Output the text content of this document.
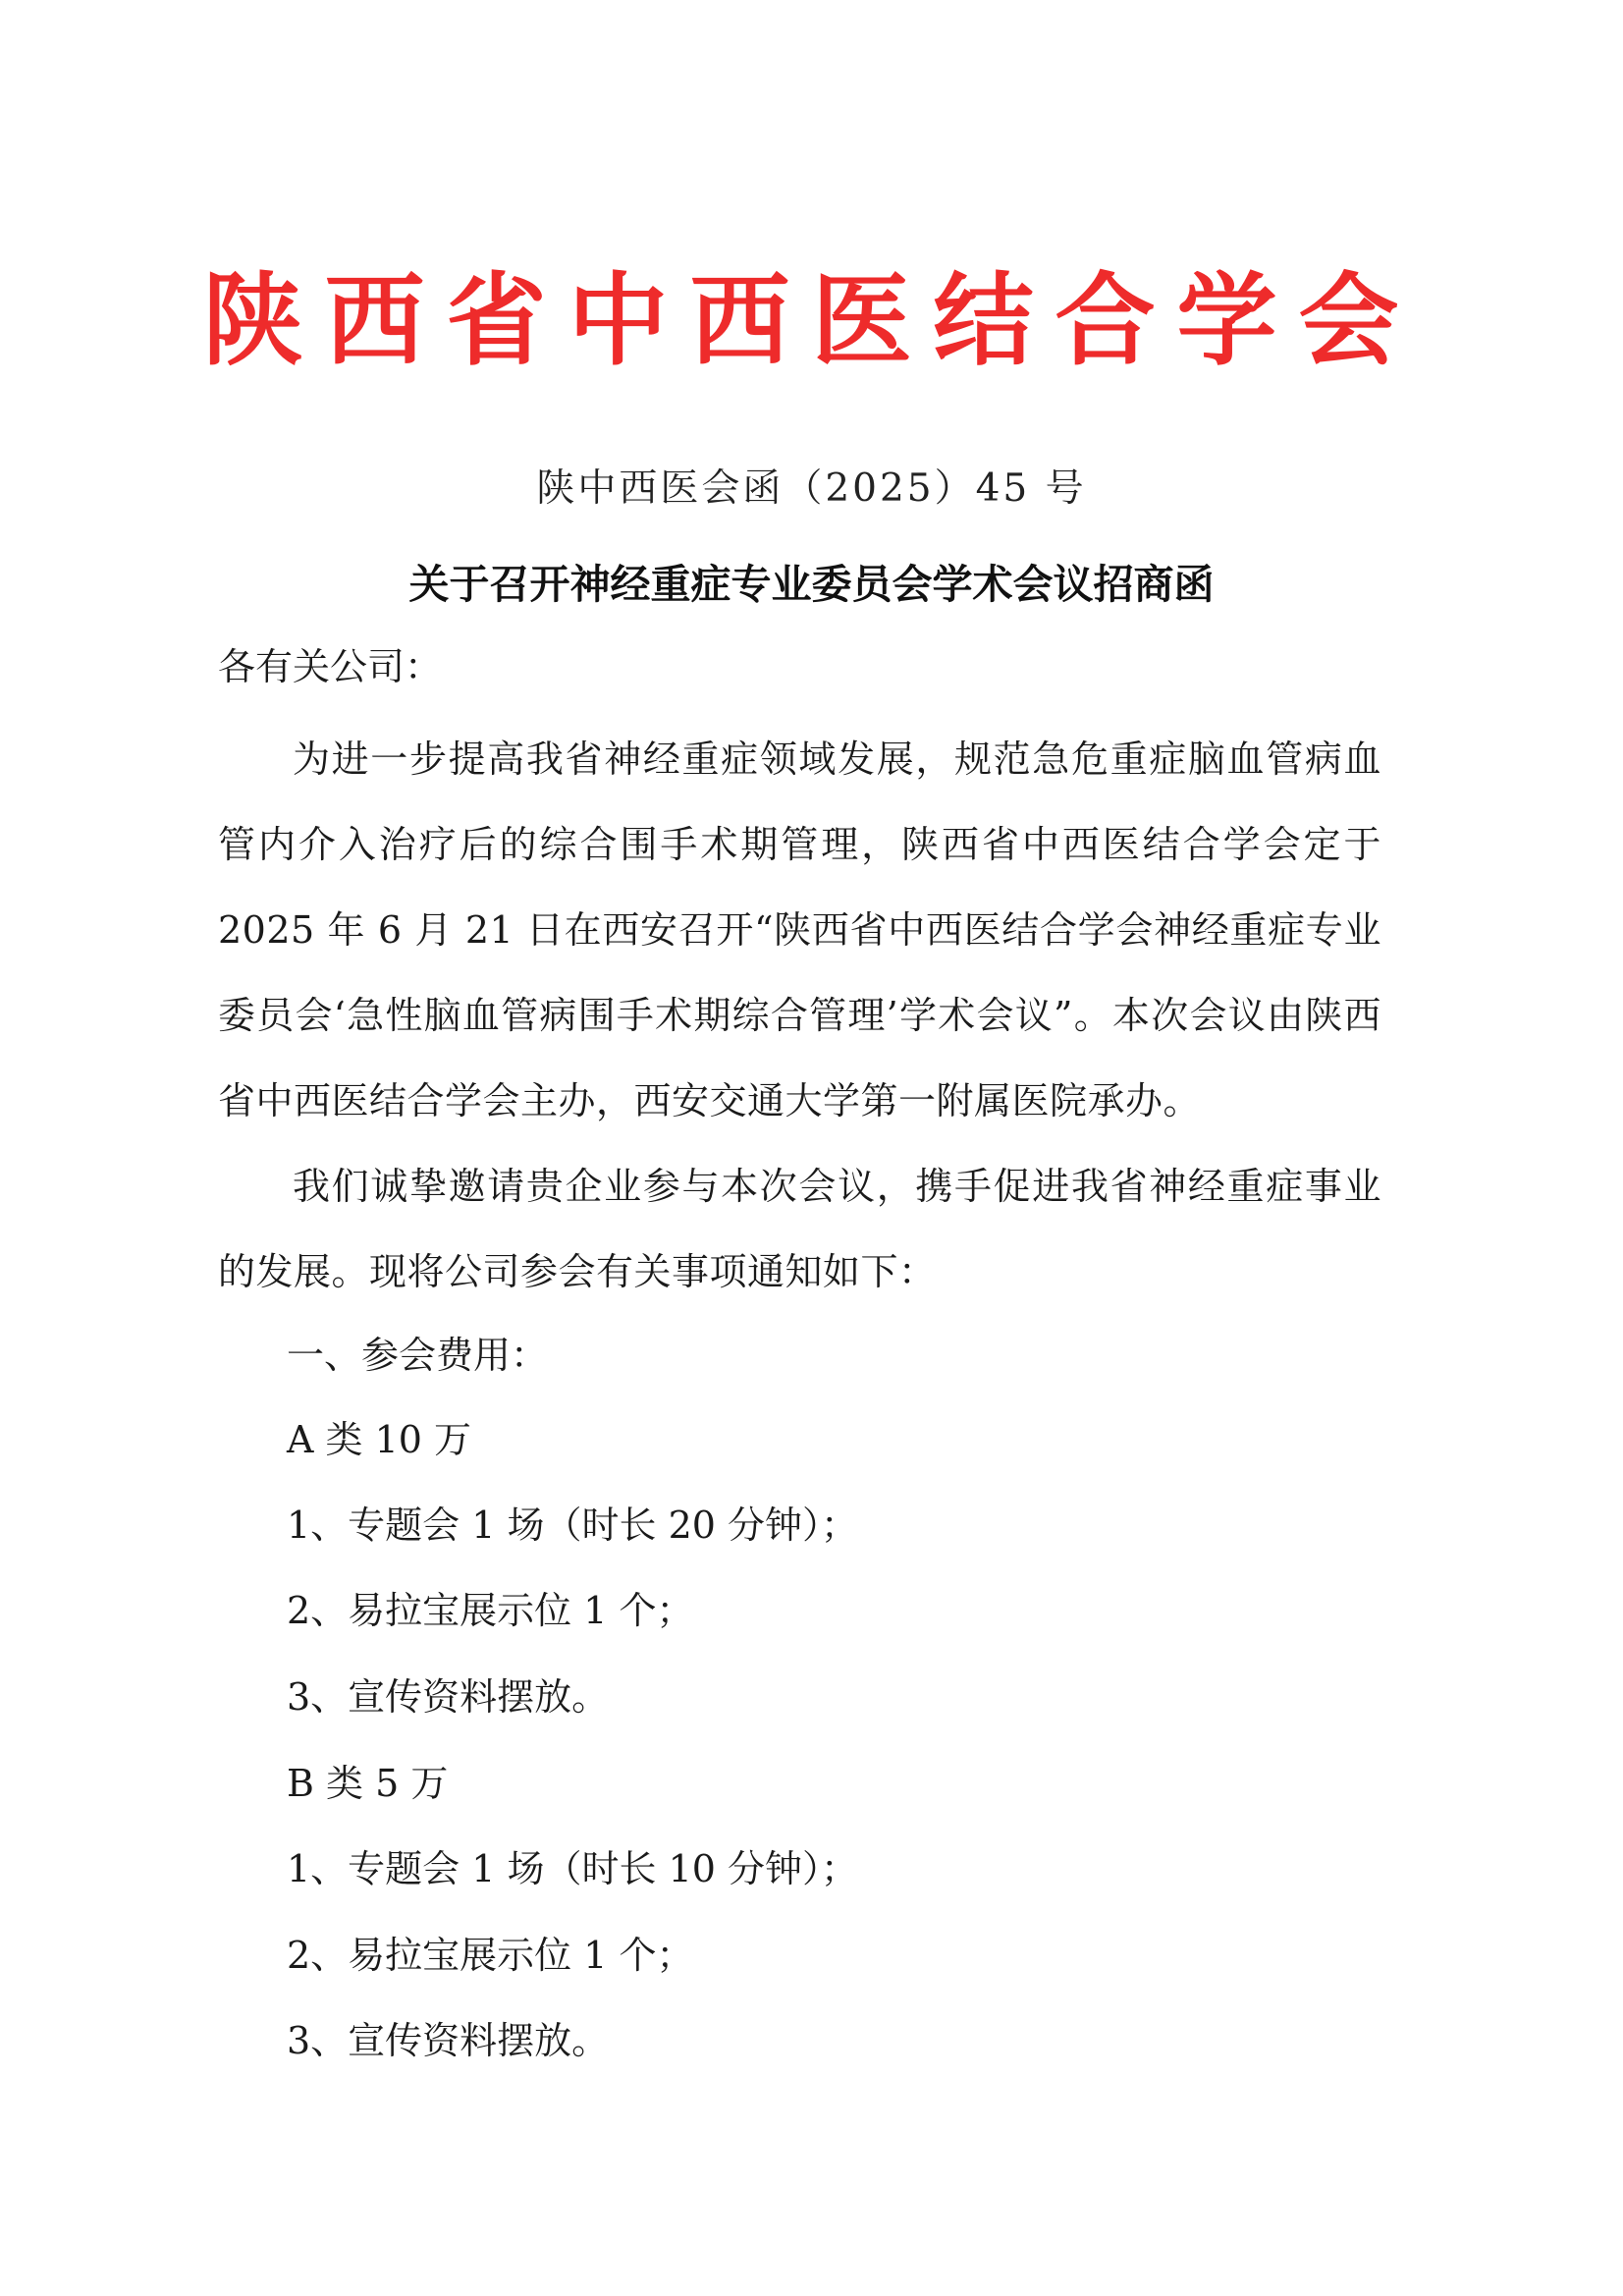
陕西省中西医结合学会
陕中西医会函（2025）45 号
关于召开神经重症专业委员会学术会议招商函
各有关公司：
为进一步提高我省神经重症领域发展，规范急危重症脑血管病血管内介入治疗后的综合围手术期管理，陕西省中西医结合学会定于 2025 年 6 月 21 日在西安召开“陕西省中西医结合学会神经重症专业委员会‘急性脑血管病围手术期综合管理’学术会议”。本次会议由陕西省中西医结合学会主办，西安交通大学第一附属医院承办。
我们诚挚邀请贵企业参与本次会议，携手促进我省神经重症事业的发展。现将公司参会有关事项通知如下：
一、参会费用：
A 类 10 万
1、专题会 1 场（时长 20 分钟）；
2、易拉宝展示位 1 个；
3、宣传资料摆放。
B 类 5 万
1、专题会 1 场（时长 10 分钟）；
2、易拉宝展示位 1 个；
3、宣传资料摆放。
